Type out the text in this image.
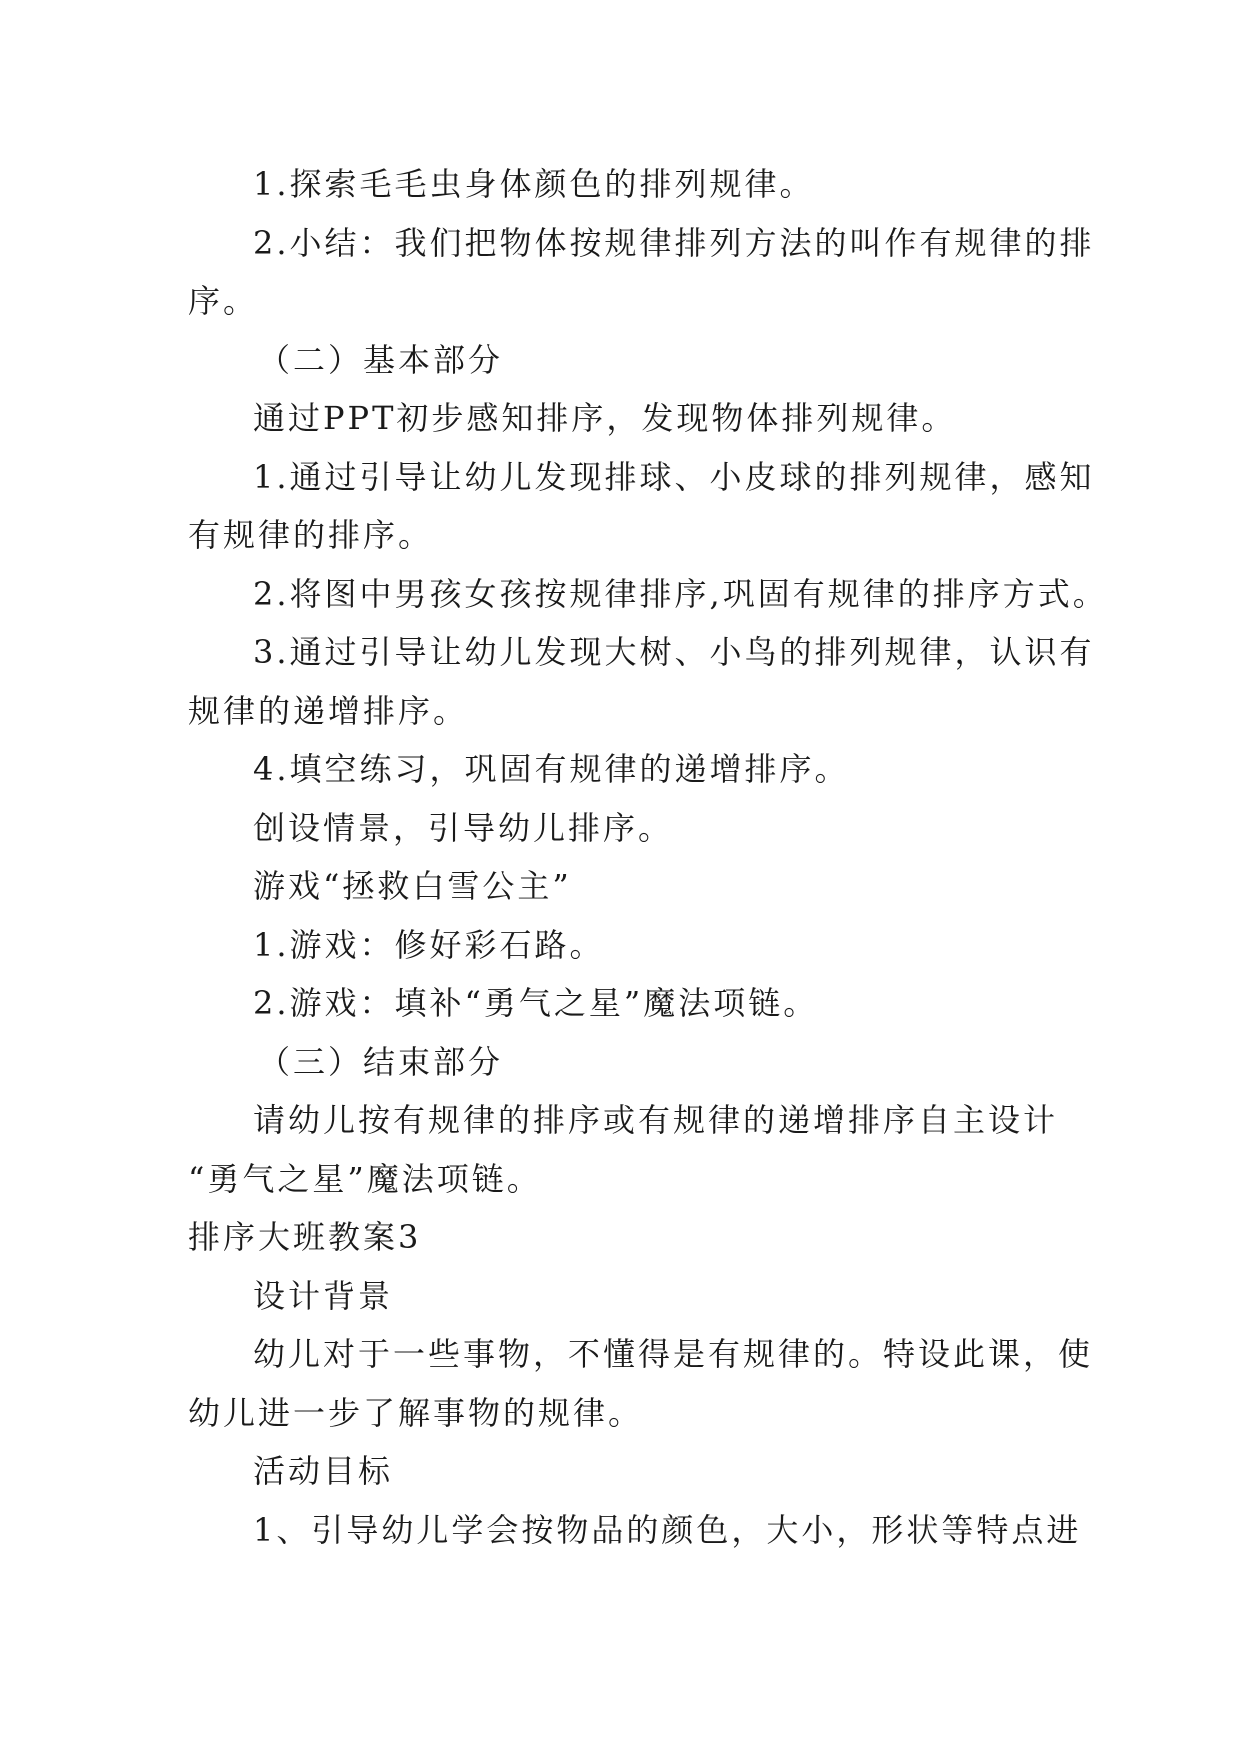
1.探索毛毛虫身体颜色的排列规律。
2.小结：我们把物体按规律排列方法的叫作有规律的排
序。
（二）基本部分
通过PPT初步感知排序，发现物体排列规律。
1.通过引导让幼儿发现排球、小皮球的排列规律，感知
有规律的排序。
2.将图中男孩女孩按规律排序,巩固有规律的排序方式。
3.通过引导让幼儿发现大树、小鸟的排列规律，认识有
规律的递增排序。
4.填空练习，巩固有规律的递增排序。
创设情景，引导幼儿排序。
游戏“拯救白雪公主”
1.游戏：修好彩石路。
2.游戏：填补“勇气之星”魔法项链。
（三）结束部分
请幼儿按有规律的排序或有规律的递增排序自主设计
“勇气之星”魔法项链。
排序大班教案3
设计背景
幼儿对于一些事物，不懂得是有规律的。特设此课，使
幼儿进一步了解事物的规律。
活动目标
1、引导幼儿学会按物品的颜色，大小，形状等特点进
